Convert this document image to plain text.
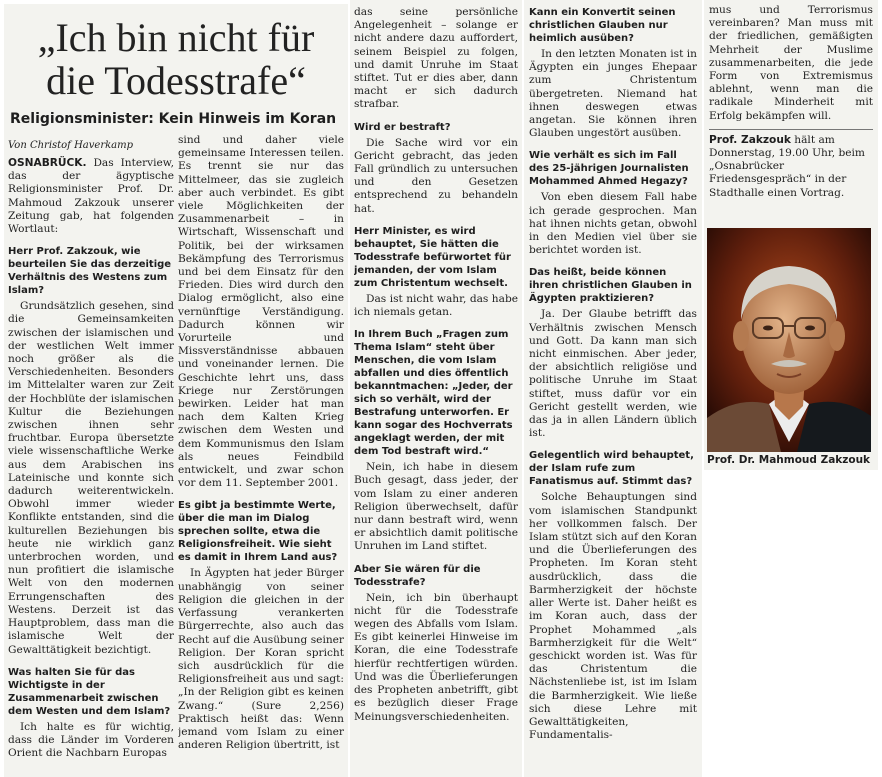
„Ich bin nicht für
die Todesstrafe“
Religionsminister: Kein Hinweis im Koran
Von Christof Haverkamp

OSNABRÜCK. Das Interview, das der ägyptische Religionsminister Prof. Dr. Mahmoud Zakzouk unserer Zeitung gab, hat folgenden Wortlaut:

Herr Prof. Zakzouk, wie beurteilen Sie das derzeitige Verhältnis des Westens zum Islam?

Grundsätzlich gesehen, sind die Gemeinsamkeiten zwischen der islamischen und der westlichen Welt immer noch größer als die Verschiedenheiten. Besonders im Mittelalter waren zur Zeit der Hochblüte der islamischen Kultur die Beziehungen zwischen ihnen sehr fruchtbar. Europa übersetzte viele wissenschaftliche Werke aus dem Arabischen ins Lateinische und konnte sich dadurch weiterentwickeln. Obwohl immer wieder Konflikte entstanden, sind die kulturellen Beziehungen bis heute nie wirklich ganz unterbrochen worden, und nun profitiert die islamische Welt von den modernen Errungenschaften des Westens. Derzeit ist das Hauptproblem, dass man die islamische Welt der Gewalttätigkeit bezichtigt.

Was halten Sie für das Wichtigste in der Zusammenarbeit zwischen dem Westen und dem Islam?

Ich halte es für wichtig, dass die Länder im Vorderen Orient die Nachbarn Europas

sind und daher viele gemeinsame Interessen teilen. Es trennt sie nur das Mittelmeer, das sie zugleich aber auch verbindet. Es gibt viele Möglichkeiten der Zusammenarbeit – in Wirtschaft, Wissenschaft und Politik, bei der wirksamen Bekämpfung des Terrorismus und bei dem Einsatz für den Frieden. Dies wird durch den Dialog ermöglicht, also eine vernünftige Verständigung. Dadurch können wir Vorurteile und Missverständnisse abbauen und voneinander lernen. Die Geschichte lehrt uns, dass Kriege nur Zerstörungen bewirken. Leider hat man nach dem Kalten Krieg zwischen dem Westen und dem Kommunismus den Islam als neues Feindbild entwickelt, und zwar schon vor dem 11. September 2001.

Es gibt ja bestimmte Werte, über die man im Dialog sprechen sollte, etwa die Religionsfreiheit. Wie sieht es damit in Ihrem Land aus?

In Ägypten hat jeder Bürger unabhängig von seiner Religion die gleichen in der Verfassung verankerten Bürgerrechte, also auch das Recht auf die Ausübung seiner Religion. Der Koran spricht sich ausdrücklich für die Religionsfreiheit aus und sagt: „In der Religion gibt es keinen Zwang.“ (Sure 2,256) Praktisch heißt das: Wenn jemand vom Islam zu einer anderen Religion übertritt, ist

das seine persönliche Angelegenheit – solange er nicht andere dazu auffordert, seinem Beispiel zu folgen, und damit Unruhe im Staat stiftet. Tut er dies aber, dann macht er sich dadurch strafbar.

Wird er bestraft?

Die Sache wird vor ein Gericht gebracht, das jeden Fall gründlich zu untersuchen und den Gesetzen entsprechend zu behandeln hat.

Herr Minister, es wird behauptet, Sie hätten die Todesstrafe befürwortet für jemanden, der vom Islam zum Christentum wechselt.

Das ist nicht wahr, das habe ich niemals getan.

In Ihrem Buch „Fragen zum Thema Islam“ steht über Menschen, die vom Islam abfallen und dies öffentlich bekanntmachen: „Jeder, der sich so verhält, wird der Bestrafung unterworfen. Er kann sogar des Hochverrats angeklagt werden, der mit dem Tod bestraft wird.“

Nein, ich habe in diesem Buch gesagt, dass jeder, der vom Islam zu einer anderen Religion überwechselt, dafür nur dann bestraft wird, wenn er absichtlich damit politische Unruhen im Land stiftet.

Aber Sie wären für die Todesstrafe?

Nein, ich bin überhaupt nicht für die Todesstrafe wegen des Abfalls vom Islam. Es gibt keinerlei Hinweise im Koran, die eine Todesstrafe hierfür rechtfertigen würden. Und was die Überlieferungen des Propheten anbetrifft, gibt es bezüglich dieser Frage Meinungsverschiedenheiten.

Kann ein Konvertit seinen christlichen Glauben nur heimlich ausüben?

In den letzten Monaten ist in Ägypten ein junges Ehepaar zum Christentum übergetreten. Niemand hat ihnen deswegen etwas angetan. Sie können ihren Glauben ungestört ausüben.

Wie verhält es sich im Fall des 25-jährigen Journalisten Mohammed Ahmed Hegazy?

Von eben diesem Fall habe ich gerade gesprochen. Man hat ihnen nichts getan, obwohl in den Medien viel über sie berichtet worden ist.

Das heißt, beide können ihren christlichen Glauben in Ägypten praktizieren?

Ja. Der Glaube betrifft das Verhältnis zwischen Mensch und Gott. Da kann man sich nicht einmischen. Aber jeder, der absichtlich religiöse und politische Unruhe im Staat stiftet, muss dafür vor ein Gericht gestellt werden, wie das ja in allen Ländern üblich ist.

Gelegentlich wird behauptet, der Islam rufe zum Fanatismus auf. Stimmt das?

Solche Behauptungen sind vom islamischen Standpunkt her vollkommen falsch. Der Islam stützt sich auf den Koran und die Überlieferungen des Propheten. Im Koran steht ausdrücklich, dass die Barmherzigkeit der höchste aller Werte ist. Daher heißt es im Koran auch, dass der Prophet Mohammed „als Barmherzigkeit für die Welt“ geschickt worden ist. Was für das Christentum die Nächstenliebe ist, ist im Islam die Barmherzigkeit. Wie ließe sich diese Lehre mit Gewalttätigkeiten, Fundamentalis-

mus und Terrorismus vereinbaren? Man muss mit der friedlichen, gemäßigten Mehrheit der Muslime zusammenarbeiten, die jede Form von Extremismus ablehnt, wenn man die radikale Minderheit mit Erfolg bekämpfen will.

Prof. Zakzouk hält am Donnerstag, 19.00 Uhr, beim „Osnabrücker Friedensgespräch“ in der Stadthalle einen Vortrag.

Prof. Dr. Mahmoud Zakzouk
